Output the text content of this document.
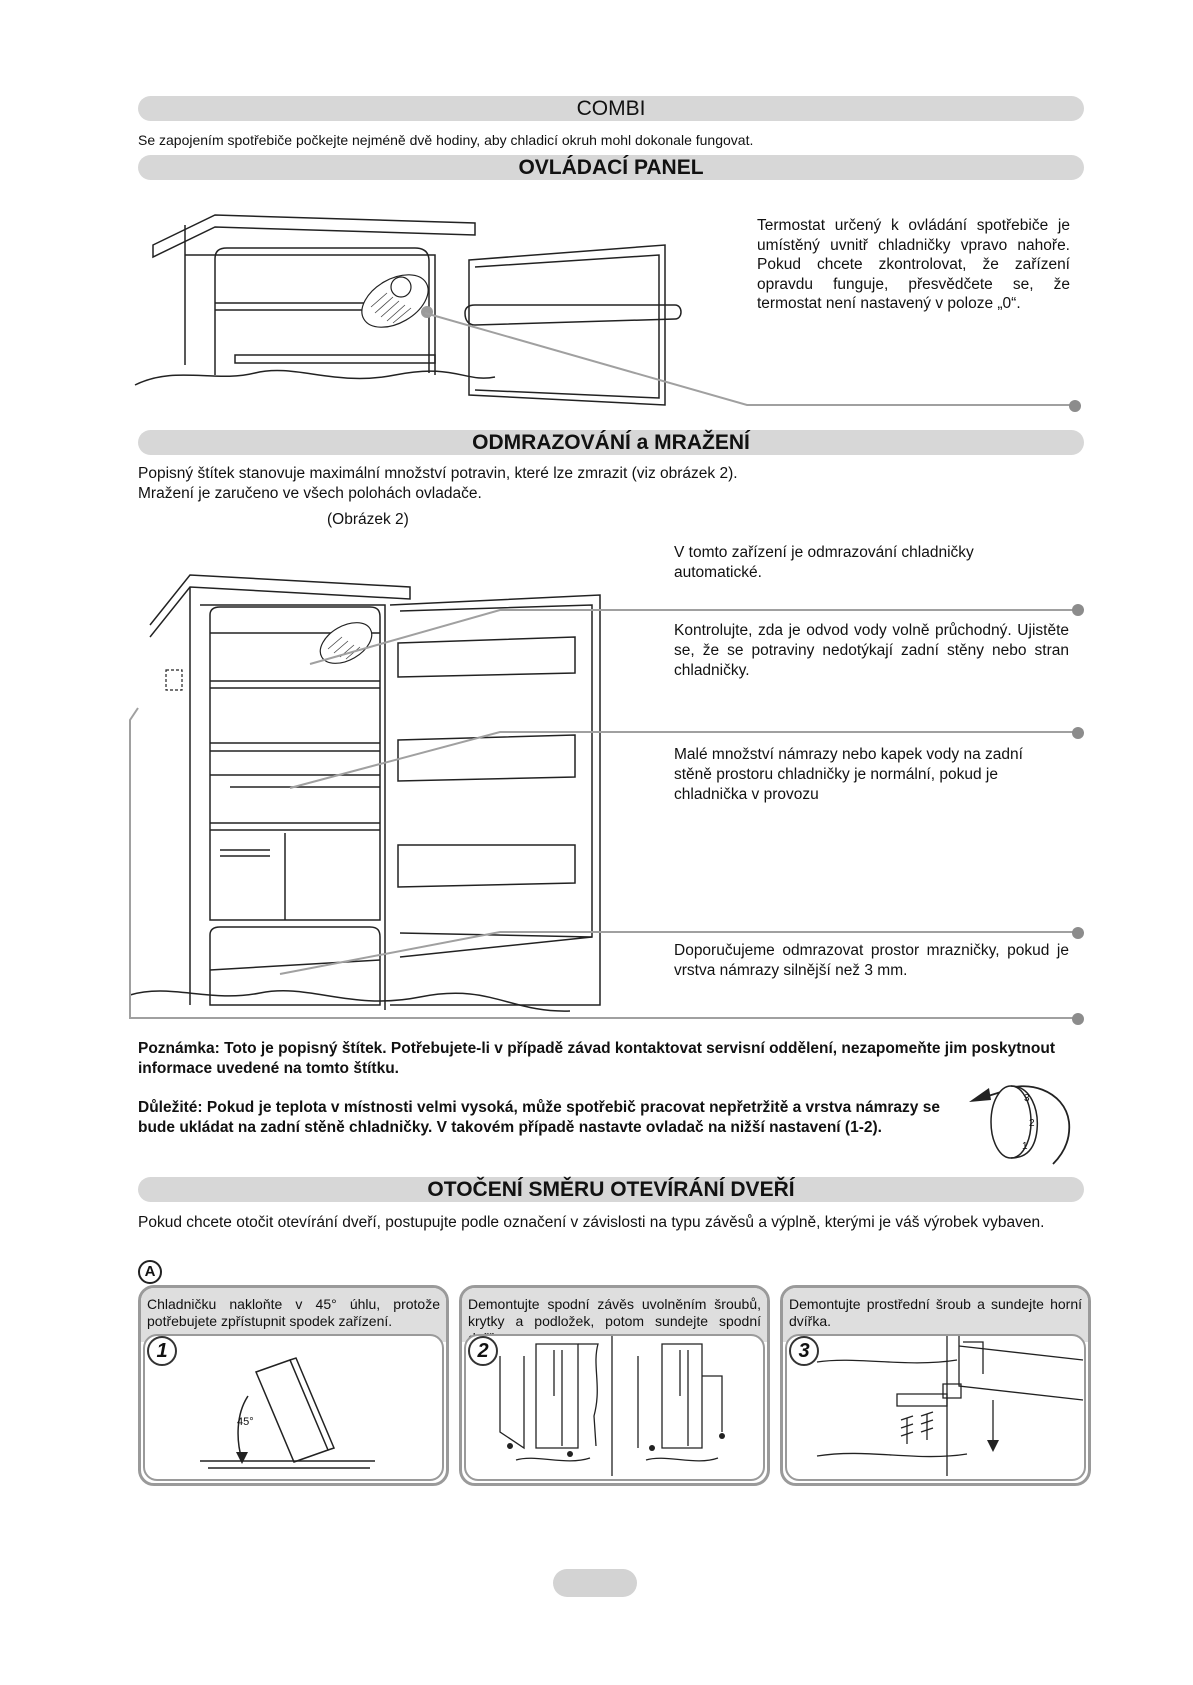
COMBI
Se zapojením spotřebiče počkejte nejméně dvě hodiny, aby chladicí okruh mohl dokonale fungovat.
OVLÁDACÍ PANEL
Termostat určený k ovládání spotřebiče je umístěný uvnitř chladničky vpravo nahoře. Pokud chcete zkontrolovat, že zařízení opravdu funguje, přesvědčete se, že termostat není nastavený v poloze „0“.
ODMRAZOVÁNÍ a MRAŽENÍ
Popisný štítek stanovuje maximální množství potravin, které lze zmrazit (viz obrázek 2).
Mražení je zaručeno ve všech polohách ovladače.
(Obrázek 2)
V tomto zařízení je odmrazování chladničky automatické.
Kontrolujte, zda je odvod vody volně průchodný. Ujistěte se, že se potraviny nedotýkají zadní stěny nebo stran chladničky.
Malé množství námrazy nebo kapek vody na zadní stěně prostoru chladničky je normální, pokud je chladnička v provozu
Doporučujeme odmrazovat prostor mrazničky, pokud je vrstva námrazy silnější než 3 mm.
Poznámka: Toto je popisný štítek. Potřebujete-li v případě závad kontaktovat servisní oddělení, nezapomeňte jim poskytnout informace uvedené na tomto štítku.
Důležité: Pokud je teplota v místnosti velmi vysoká, může spotřebič pracovat nepřetržitě a vrstva námrazy se bude ukládat na zadní stěně chladničky. V takovém případě nastavte ovladač na nižší nastavení (1-2).
3
2
1
OTOČENÍ SMĚRU OTEVÍRÁNÍ DVEŘÍ
Pokud chcete otočit otevírání dveří, postupujte podle označení v závislosti na typu závěsů a výplně, kterými je váš výrobek vybaven.
A
Chladničku nakloňte v 45° úhlu, protože potřebujete zpřístupnit spodek zařízení.
45°
1
Demontujte spodní závěs uvolněním šroubů, krytky a podložek, potom sundejte spodní
2
Demontujte prostřední šroub a sundejte horní dvířka.
3
